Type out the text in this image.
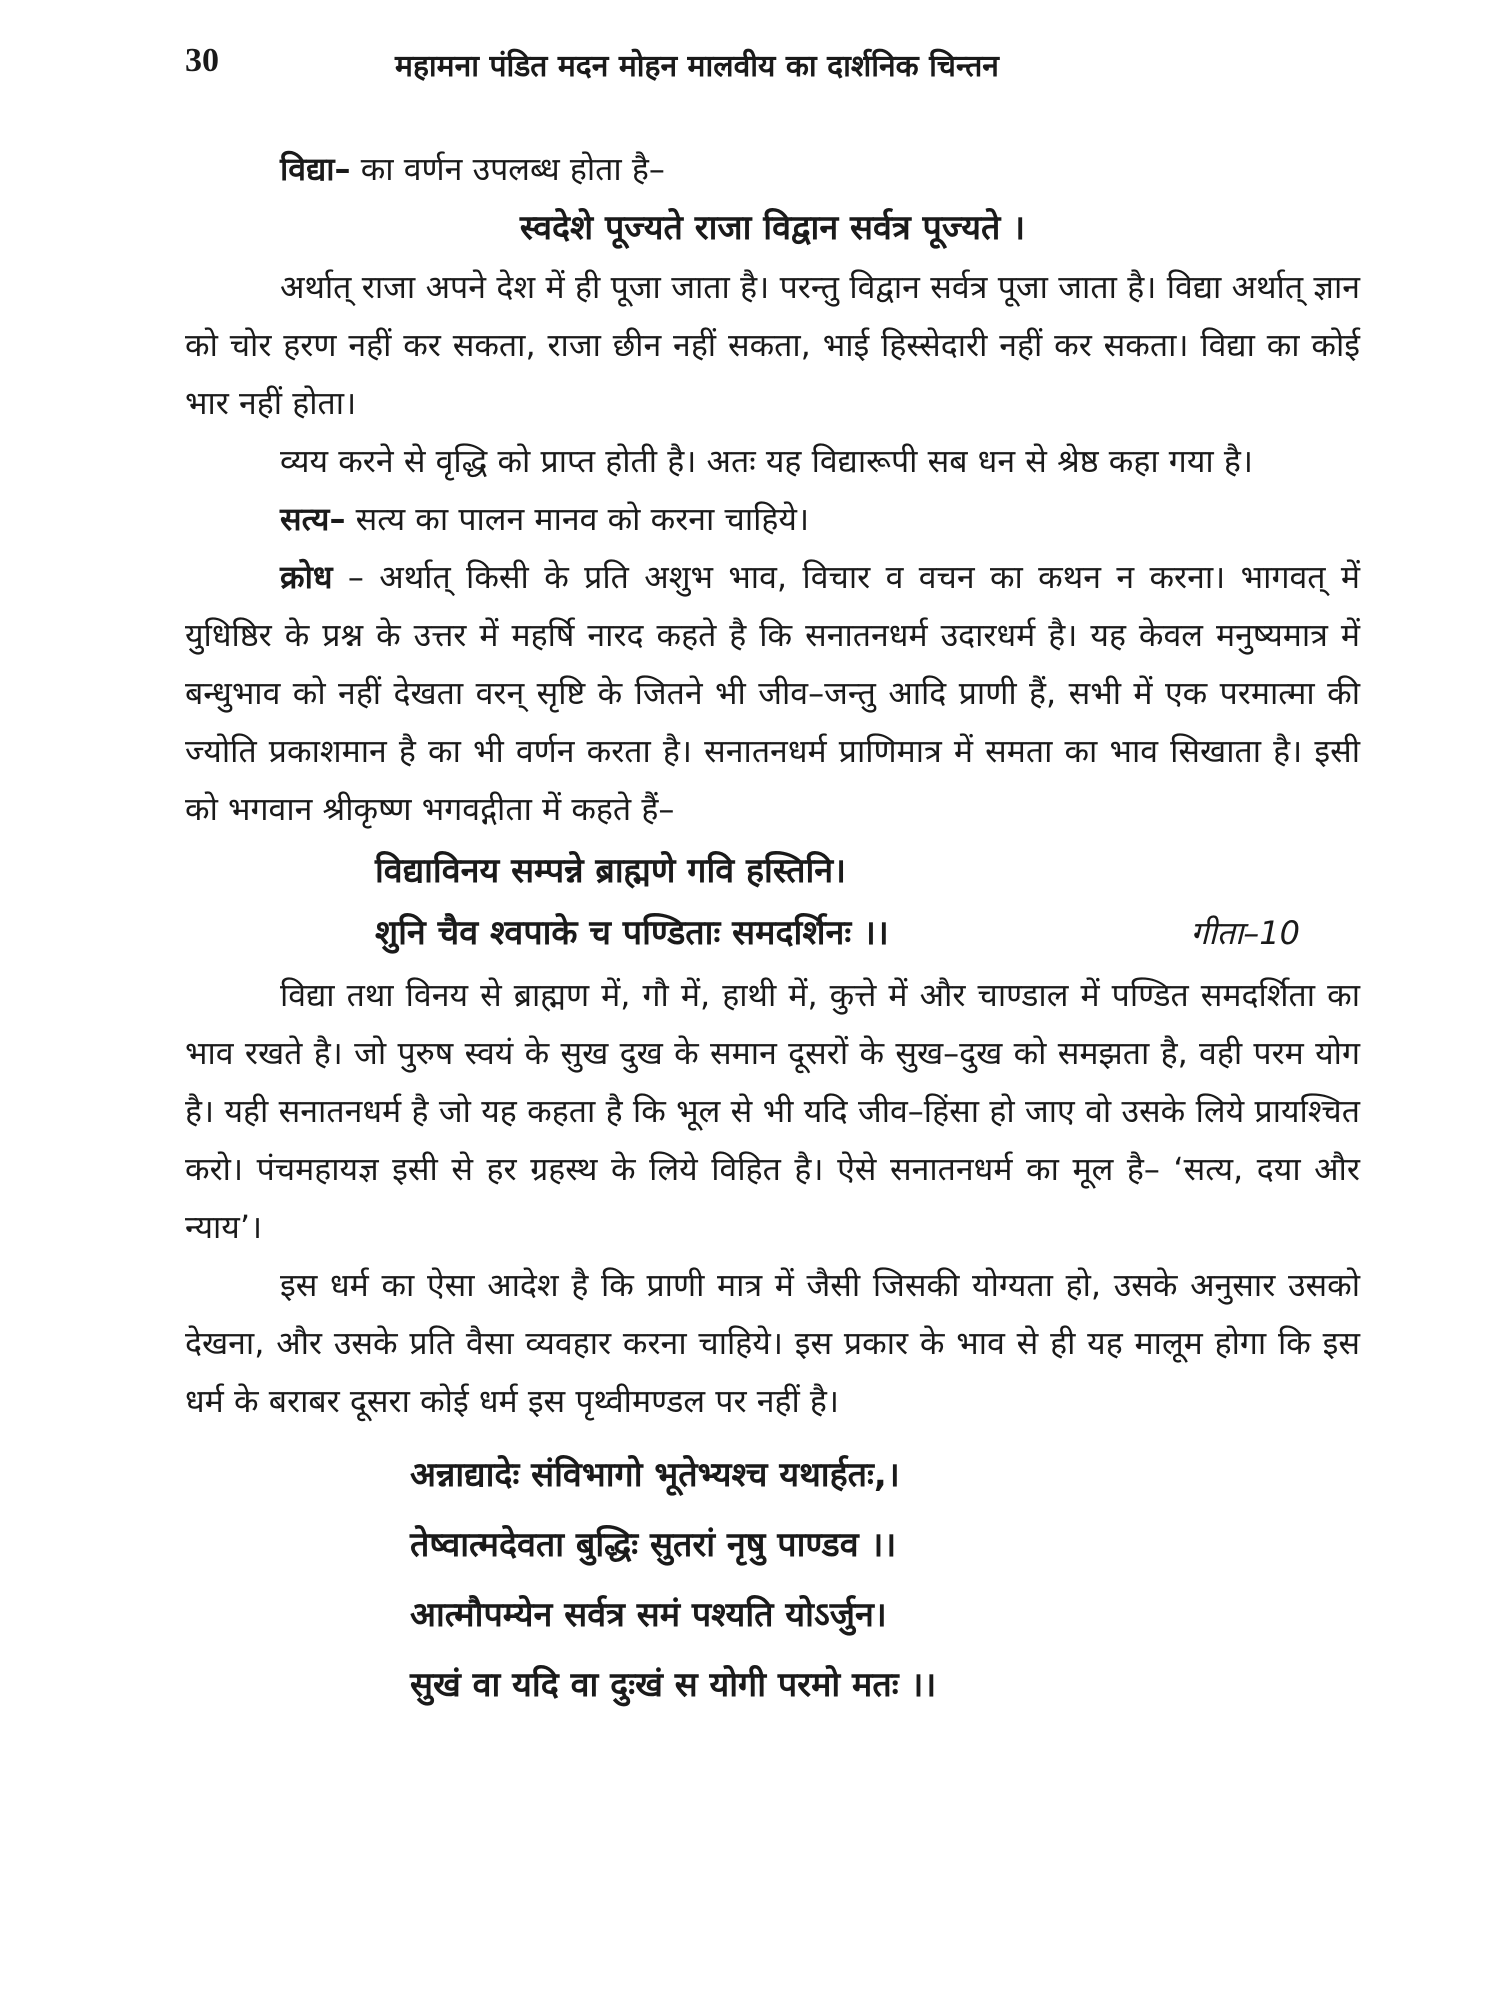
30	महामना पंडित मदन मोहन मालवीय का दार्शनिक चिन्तन

विद्या– का वर्णन उपलब्ध होता है–

स्वदेशे पूज्यते राजा विद्वान सर्वत्र पूज्यते ।

अर्थात् राजा अपने देश में ही पूजा जाता है। परन्तु विद्वान सर्वत्र पूजा जाता है। विद्या अर्थात् ज्ञान को चोर हरण नहीं कर सकता, राजा छीन नहीं सकता, भाई हिस्सेदारी नहीं कर सकता। विद्या का कोई भार नहीं होता।

व्यय करने से वृद्धि को प्राप्त होती है। अतः यह विद्यारूपी सब धन से श्रेष्ठ कहा गया है।

सत्य– सत्य का पालन मानव को करना चाहिये।

क्रोध – अर्थात् किसी के प्रति अशुभ भाव, विचार व वचन का कथन न करना। भागवत् में युधिष्ठिर के प्रश्न के उत्तर में महर्षि नारद कहते है कि सनातनधर्म उदारधर्म है। यह केवल मनुष्यमात्र में बन्धुभाव को नहीं देखता वरन् सृष्टि के जितने भी जीव–जन्तु आदि प्राणी हैं, सभी में एक परमात्मा की ज्योति प्रकाशमान है का भी वर्णन करता है। सनातनधर्म प्राणिमात्र में समता का भाव सिखाता है। इसी को भगवान श्रीकृष्ण भगवद्गीता में कहते हैं–

विद्याविनय सम्पन्ने ब्राह्मणे गवि हस्तिनि।
शुनि चैव श्वपाके च पण्डिताः समदर्शिनः ।।	गीता–10

विद्या तथा विनय से ब्राह्मण में, गौ में, हाथी में, कुत्ते में और चाण्डाल में पण्डित समदर्शिता का भाव रखते है। जो पुरुष स्वयं के सुख दुख के समान दूसरों के सुख–दुख को समझता है, वही परम योग है। यही सनातनधर्म है जो यह कहता है कि भूल से भी यदि जीव–हिंसा हो जाए वो उसके लिये प्रायश्चित करो। पंचमहायज्ञ इसी से हर ग्रहस्थ के लिये विहित है। ऐसे सनातनधर्म का मूल है– ‘सत्य, दया और न्याय’।

इस धर्म का ऐसा आदेश है कि प्राणी मात्र में जैसी जिसकी योग्यता हो, उसके अनुसार उसको देखना, और उसके प्रति वैसा व्यवहार करना चाहिये। इस प्रकार के भाव से ही यह मालूम होगा कि इस धर्म के बराबर दूसरा कोई धर्म इस पृथ्वीमण्डल पर नहीं है।

अन्नाद्यादेः संविभागो भूतेभ्यश्च यथार्हतः,।
तेष्वात्मदेवता बुद्धिः सुतरां नृषु पाण्डव ।।
आत्मौपम्येन सर्वत्र समं पश्यति योऽर्जुन।
सुखं वा यदि वा दुःखं स योगी परमो मतः ।।
